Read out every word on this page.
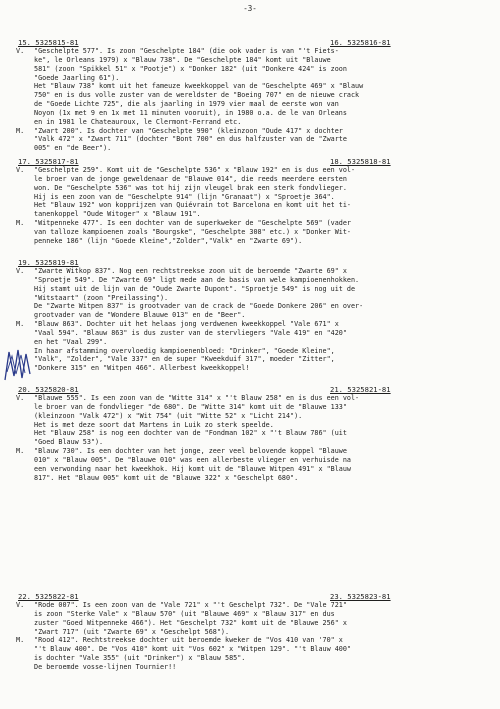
-3-
15. 5325815-81	16. 5325816-81
V. "Geschelpte 577". Is zoon "Geschelpte 184" (die ook vader is van "'t Fiets-
ke", le Orleans 1979) x "Blauw 738". De "Geschelpte 184" komt uit "Blauwe
581" (zoon "Spikkel 51" x "Pootje") x "Donker 182" (uit "Donkere 424" is zoon
"Goede Jaarling 61").
Het "Blauw 738" komt uit het fameuze kweekkoppel van de "Geschelpte 469" x "Blauw
750" en is dus volle zuster van de wereldster de "Boeing 707" en de nieuwe crack
de "Goede Lichte 725", die als jaarling in 1979 vier maal de eerste won van
Noyon (1x met 9 en 1x met 11 minuten vooruit), in 1980 o.a. de le van Orleans
en in 1981 le Chateauroux, le Clermont-Ferrand etc.
M. "Zwart 200". Is dochter van "Geschelpte 990" (kleinzoon "Oude 417" x dochter
"Valk 472" x "Zwart 711" (dochter "Bont 700" en dus halfzuster van de "Zwarte
005" en "de Beer").
17. 5325817-81	18. 5325818-81
V. "Geschelpte 259". Komt uit de "Geschelpte 536" x "Blauw 192" en is dus een vol-
le broer van de jonge geweldenaar de "Blauwe 014", die reeds meerdere eersten
won. De "Geschelpte 536" was tot hij zijn vleugel brak een sterk fondvlieger.
Hij is een zoon van de "Geschelpte 914" (lijn "Granaat") x "Sproetje 364".
Het "Blauw 192" won kopprijzen van Quiévrain tot Barcelona en komt uit het ti-
tanenkoppel "Oude Witoger" x "Blauw 191".
M. "Witpenneke 477". Is een dochter van de superkweker de "Geschelpte 569" (vader
van talloze kampioenen zoals "Bourgske", "Geschelpte 308" etc.) x "Donker Wit-
penneke 186" (lijn "Goede Kleine","Zolder","Valk" en "Zwarte 69").
19. 5325819-81
V. "Zwarte Witkop 837". Nog een rechtstreekse zoon uit de beroemde "Zwarte 69" x
"Sproetje 549". De "Zwarte 69" ligt mede aan de basis van wele kampioenenhokken.
Hij stamt uit de lijn van de "Oude Zwarte Dupont". "Sproetje 549" is nog uit de
"Witstaart" (zoon "Preilassing").
De "Zwarte Witpen 837" is grootvader van de crack de "Goede Donkere 206" en over-
grootvader van de "Wondere Blauwe 013" en de "Beer".
M. "Blauw 863". Dochter uit het helaas jong verdwenen kweekkoppel "Vale 671" x
"Vaal 594". "Blauw 863" is dus zuster van de stervliegers "Vale 419" en "420"
en het "Vaal 299".
In haar afstamming overvloedig kampioenenbloed: "Drinker", "Goede Kleine",
"Valk", "Zolder", "Vale 337" en de super "Kweekduif 317", moeder "Zitter",
"Donkere 315" en "Witpen 466". Allerbest kweekkoppel!
20. 5325820-81	21. 5325821-81
V. "Blauwe 555". Is een zoon van de "Witte 314" x "'t Blauw 258" en is dus een vol-
le broer van de fondvlieger "de 680". De "Witte 314" komt uit de "Blauwe 133"
(kleinzoon "Valk 472") x "Wit 754" (uit "Witte 52" x "Licht 214").
Het is met deze soort dat Martens in Luik zo sterk speelde.
Het "Blauw 258" is nog een dochter van de "Fondman 102" x "'t Blauw 786" (uit
"Goed Blauw 53").
M. "Blauw 730". Is een dochter van het jonge, zeer veel belovende koppel "Blauwe
010" x "Blauw 005". De "Blauwe 010" was een allerbeste vlieger en verhuisde na
een verwonding naar het kweekhok. Hij komt uit de "Blauwe Witpen 491" x "Blauw
817". Het "Blauw 005" komt uit de "Blauwe 322" x "Geschelpt 680".
22. 5325822-81	23. 5325823-81
V. "Rode 007". Is een zoon van de "Vale 721" x "'t Geschelpt 732". De "Vale 721"
is zoon "Sterke Vale" x "Blauw 570" (uit "Blauwe 469" x "Blauw 317" en dus
zuster "Goed Witpenneke 466"). Het "Geschelpt 732" komt uit de "Blauwe 256" x
"Zwart 717" (uit "Zwarte 69" x "Geschelpt 568").
M. "Rood 412". Rechtstreekse dochter uit beroemde kweker de "Vos 410 van '70" x
"'t Blauw 400". De "Vos 410" komt uit "Vos 602" x "Witpen 129". "'t Blauw 400"
is dochter "Vale 355" (uit "Drinker") x "Blauw 585".
De beroemde vosse-lijnen Tournier!!
